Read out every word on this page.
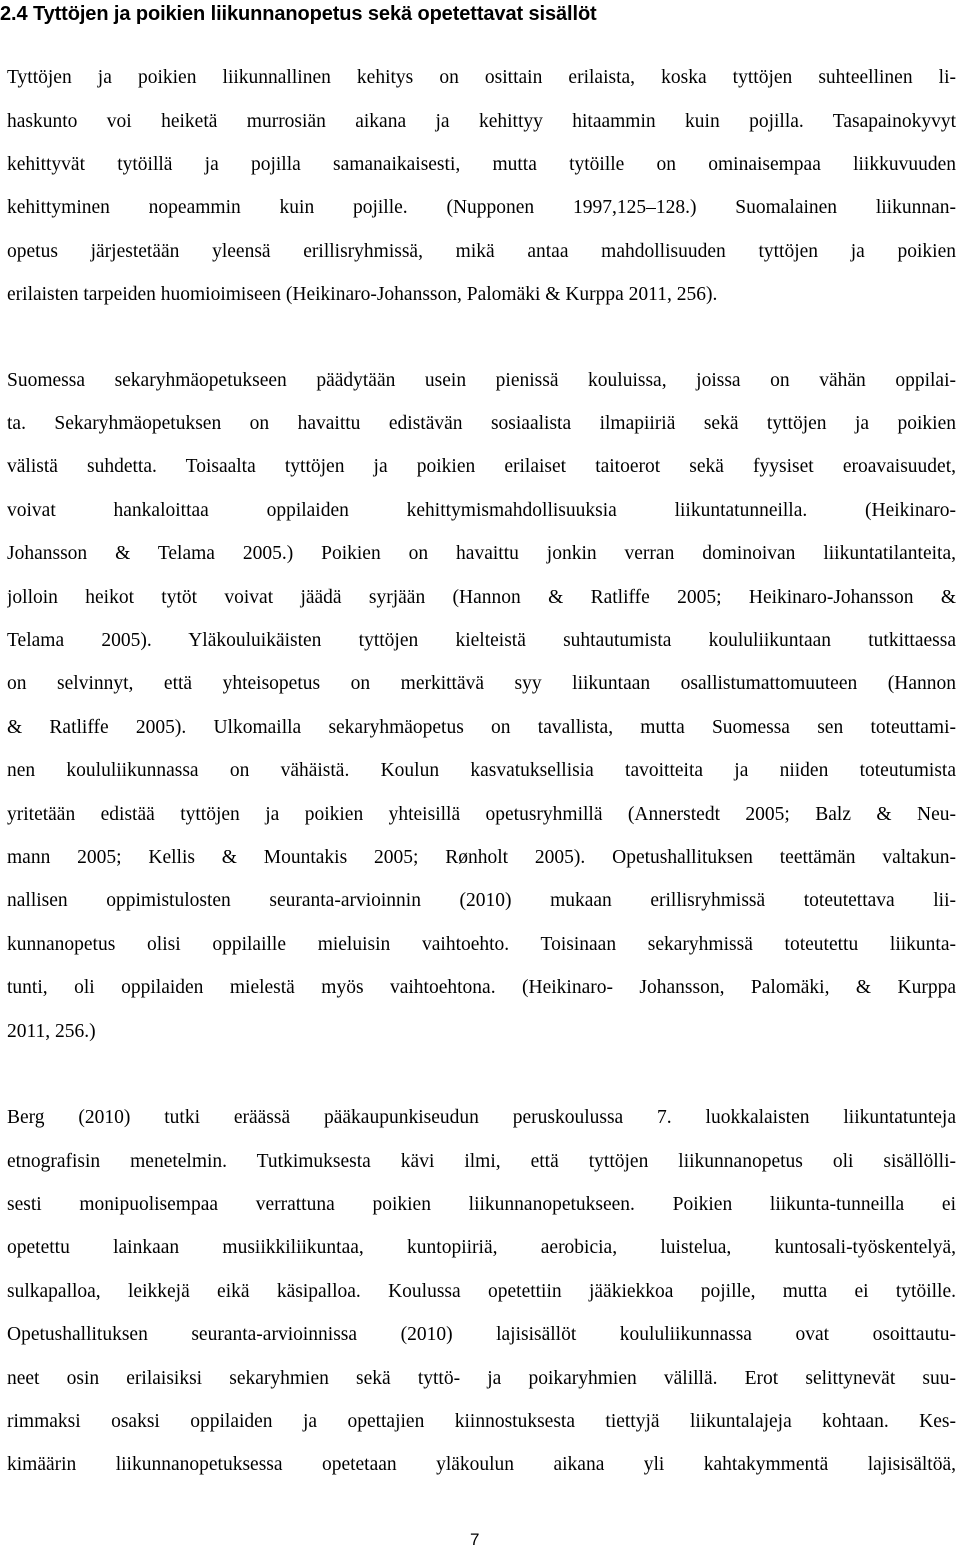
2.4 Tyttöjen ja poikien liikunnanopetus sekä opetettavat sisällöt
Tyttöjen ja poikien liikunnallinen kehitys on osittain erilaista, koska tyttöjen suhteellinen li-
haskunto voi heiketä murrosiän aikana ja kehittyy hitaammin kuin pojilla. Tasapainokyvyt
kehittyvät tytöillä ja pojilla samanaikaisesti, mutta tytöille on ominaisempaa liikkuvuuden
kehittyminen nopeammin kuin pojille. (Nupponen 1997,125–128.) Suomalainen liikunnan-
opetus järjestetään yleensä erillisryhmissä, mikä antaa mahdollisuuden tyttöjen ja poikien
erilaisten tarpeiden huomioimiseen (Heikinaro-Johansson, Palomäki & Kurppa 2011, 256).
Suomessa sekaryhmäopetukseen päädytään usein pienissä kouluissa, joissa on vähän oppilai-
ta. Sekaryhmäopetuksen on havaittu edistävän sosiaalista ilmapiiriä sekä tyttöjen ja poikien
välistä suhdetta. Toisaalta tyttöjen ja poikien erilaiset taitoerot sekä fyysiset eroavaisuudet,
voivat hankaloittaa oppilaiden kehittymismahdollisuuksia liikuntatunneilla. (Heikinaro-
Johansson & Telama 2005.) Poikien on havaittu jonkin verran dominoivan liikuntatilanteita,
jolloin heikot tytöt voivat jäädä syrjään (Hannon & Ratliffe 2005; Heikinaro-Johansson &
Telama 2005). Yläkouluikäisten tyttöjen kielteistä suhtautumista koululiikuntaan tutkittaessa
on selvinnyt, että yhteisopetus on merkittävä syy liikuntaan osallistumattomuuteen (Hannon
& Ratliffe 2005). Ulkomailla sekaryhmäopetus on tavallista, mutta Suomessa sen toteuttami-
nen koululiikunnassa on vähäistä. Koulun kasvatuksellisia tavoitteita ja niiden toteutumista
yritetään edistää tyttöjen ja poikien yhteisillä opetusryhmillä (Annerstedt 2005; Balz & Neu-
mann 2005; Kellis & Mountakis 2005; Rønholt 2005). Opetushallituksen teettämän valtakun-
nallisen oppimistulosten seuranta-arvioinnin (2010) mukaan erillisryhmissä toteutettava lii-
kunnanopetus olisi oppilaille mieluisin vaihtoehto. Toisinaan sekaryhmissä toteutettu liikunta-
tunti, oli oppilaiden mielestä myös vaihtoehtona. (Heikinaro- Johansson, Palomäki, & Kurppa
2011, 256.)
Berg (2010) tutki eräässä pääkaupunkiseudun peruskoulussa 7. luokkalaisten liikuntatunteja
etnografisin menetelmin. Tutkimuksesta kävi ilmi, että tyttöjen liikunnanopetus oli sisällölli-
sesti monipuolisempaa verrattuna poikien liikunnanopetukseen. Poikien liikunta-tunneilla ei
opetettu lainkaan musiikkiliikuntaa, kuntopiiriä, aerobicia, luistelua, kuntosali-työskentelyä,
sulkapalloa, leikkejä eikä käsipalloa. Koulussa opetettiin jääkiekkoa pojille, mutta ei tytöille.
Opetushallituksen seuranta-arvioinnissa (2010) lajisisällöt koululiikunnassa ovat osoittautu-
neet osin erilaisiksi sekaryhmien sekä tyttö- ja poikaryhmien välillä. Erot selittynevät suu-
rimmaksi osaksi oppilaiden ja opettajien kiinnostuksesta tiettyjä liikuntalajeja kohtaan. Kes-
kimäärin liikunnanopetuksessa opetetaan yläkoulun aikana yli kahtakymmentä lajisisältöä,
7
